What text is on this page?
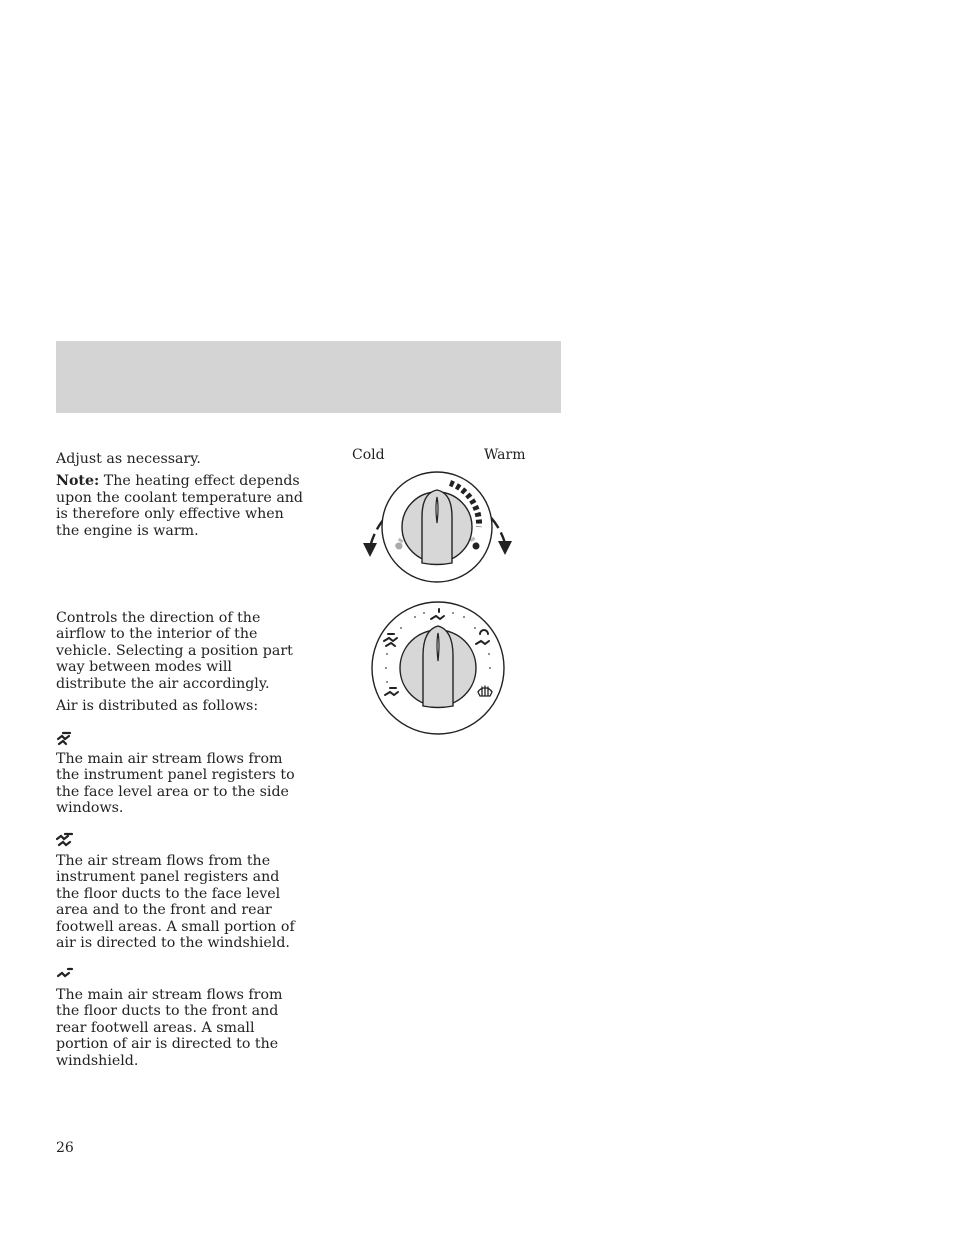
Adjust as necessary.

Note: The heating effect depends upon the coolant temperature and is therefore only effective when the engine is warm.

Cold	Warm

Controls the direction of the airflow to the interior of the vehicle. Selecting a position part way between modes will distribute the air accordingly.

Air is distributed as follows:

The main air stream flows from the instrument panel registers to the face level area or to the side windows.

The air stream flows from the instrument panel registers and the floor ducts to the face level area and to the front and rear footwell areas. A small portion of air is directed to the windshield.

The main air stream flows from the floor ducts to the front and rear footwell areas. A small portion of air is directed to the windshield.

26
